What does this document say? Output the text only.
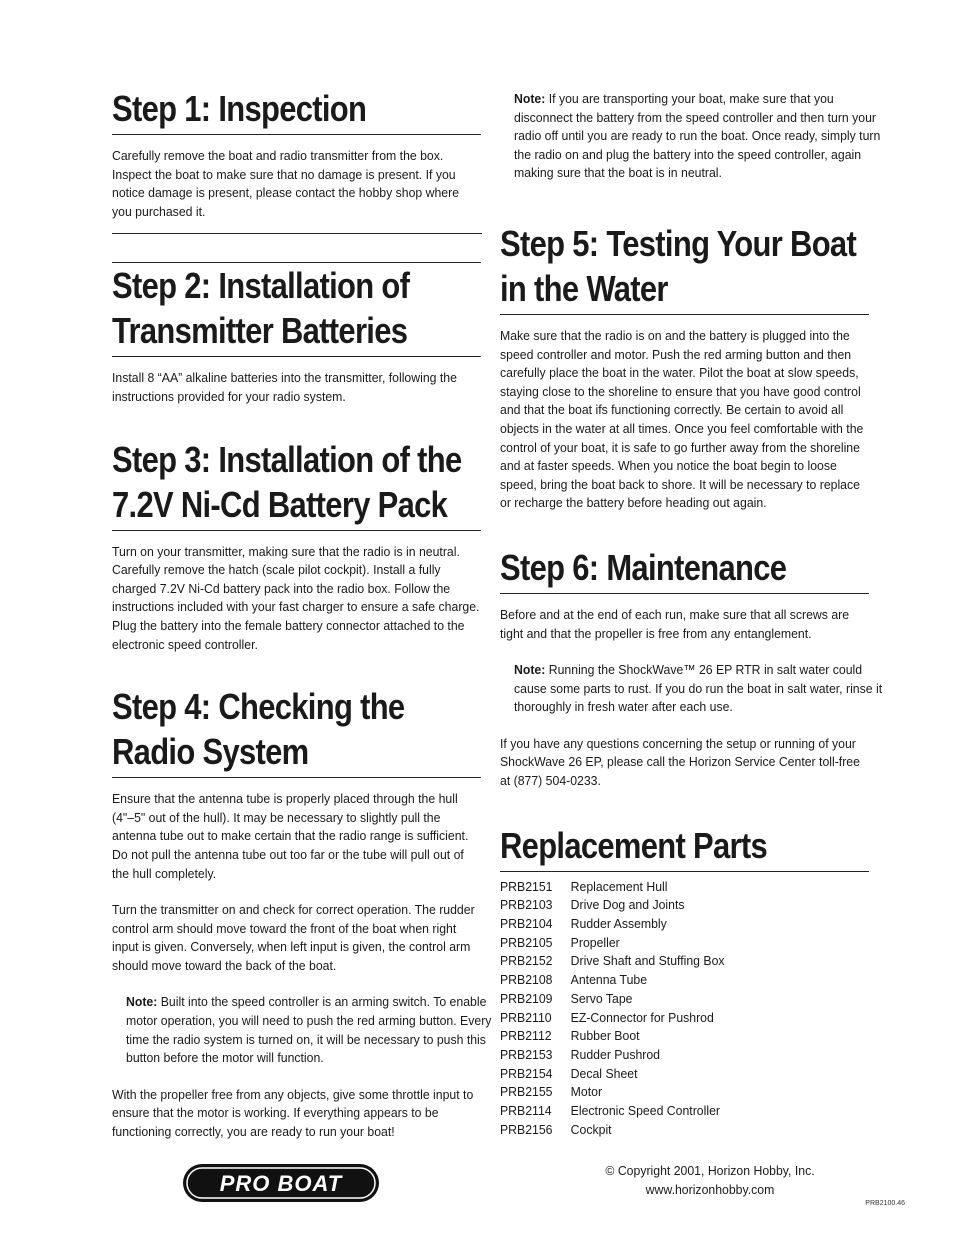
Step 1: Inspection

Carefully remove the boat and radio transmitter from the box. Inspect the boat to make sure that no damage is present. If you notice damage is present, please contact the hobby shop where you purchased it.

Step 2: Installation of
Transmitter Batteries

Install 8 “AA” alkaline batteries into the transmitter, following the instructions provided for your radio system.

Step 3: Installation of the
7.2V Ni-Cd Battery Pack

Turn on your transmitter, making sure that the radio is in neutral. Carefully remove the hatch (scale pilot cockpit). Install a fully charged 7.2V Ni-Cd battery pack into the radio box. Follow the instructions included with your fast charger to ensure a safe charge. Plug the battery into the female battery connector attached to the electronic speed controller.

Step 4: Checking the
Radio System

Ensure that the antenna tube is properly placed through the hull (4"–5" out of the hull). It may be necessary to slightly pull the antenna tube out to make certain that the radio range is sufficient. Do not pull the antenna tube out too far or the tube will pull out of the hull completely.

Turn the transmitter on and check for correct operation. The rudder control arm should move toward the front of the boat when right input is given. Conversely, when left input is given, the control arm should move toward the back of the boat.

Note: Built into the speed controller is an arming switch. To enable motor operation, you will need to push the red arming button. Every time the radio system is turned on, it will be necessary to push this button before the motor will function.

With the propeller free from any objects, give some throttle input to ensure that the motor is working. If everything appears to be functioning correctly, you are ready to run your boat!

Note: If you are transporting your boat, make sure that you disconnect the battery from the speed controller and then turn your radio off until you are ready to run the boat. Once ready, simply turn the radio on and plug the battery into the speed controller, again making sure that the boat is in neutral.

Step 5: Testing Your Boat
in the Water

Make sure that the radio is on and the battery is plugged into the speed controller and motor. Push the red arming button and then carefully place the boat in the water. Pilot the boat at slow speeds, staying close to the shoreline to ensure that you have good control and that the boat ifs functioning correctly. Be certain to avoid all objects in the water at all times. Once you feel comfortable with the control of your boat, it is safe to go further away from the shoreline and at faster speeds. When you notice the boat begin to loose speed, bring the boat back to shore. It will be necessary to replace or recharge the battery before heading out again.

Step 6: Maintenance

Before and at the end of each run, make sure that all screws are tight and that the propeller is free from any entanglement.

Note: Running the ShockWave™ 26 EP RTR in salt water could cause some parts to rust. If you do run the boat in salt water, rinse it thoroughly in fresh water after each use.

If you have any questions concerning the setup or running of your ShockWave 26 EP, please call the Horizon Service Center toll-free at (877) 504-0233.

Replacement Parts
PRB2151	Replacement Hull
PRB2103	Drive Dog and Joints
PRB2104	Rudder Assembly
PRB2105	Propeller
PRB2152	Drive Shaft and Stuffing Box
PRB2108	Antenna Tube
PRB2109	Servo Tape
PRB2110	EZ-Connector for Pushrod
PRB2112	Rubber Boot
PRB2153	Rudder Pushrod
PRB2154	Decal Sheet
PRB2155	Motor
PRB2114	Electronic Speed Controller
PRB2156	Cockpit
PRO BOAT
© Copyright 2001, Horizon Hobby, Inc.
www.horizonhobby.com
PRB2100.46
